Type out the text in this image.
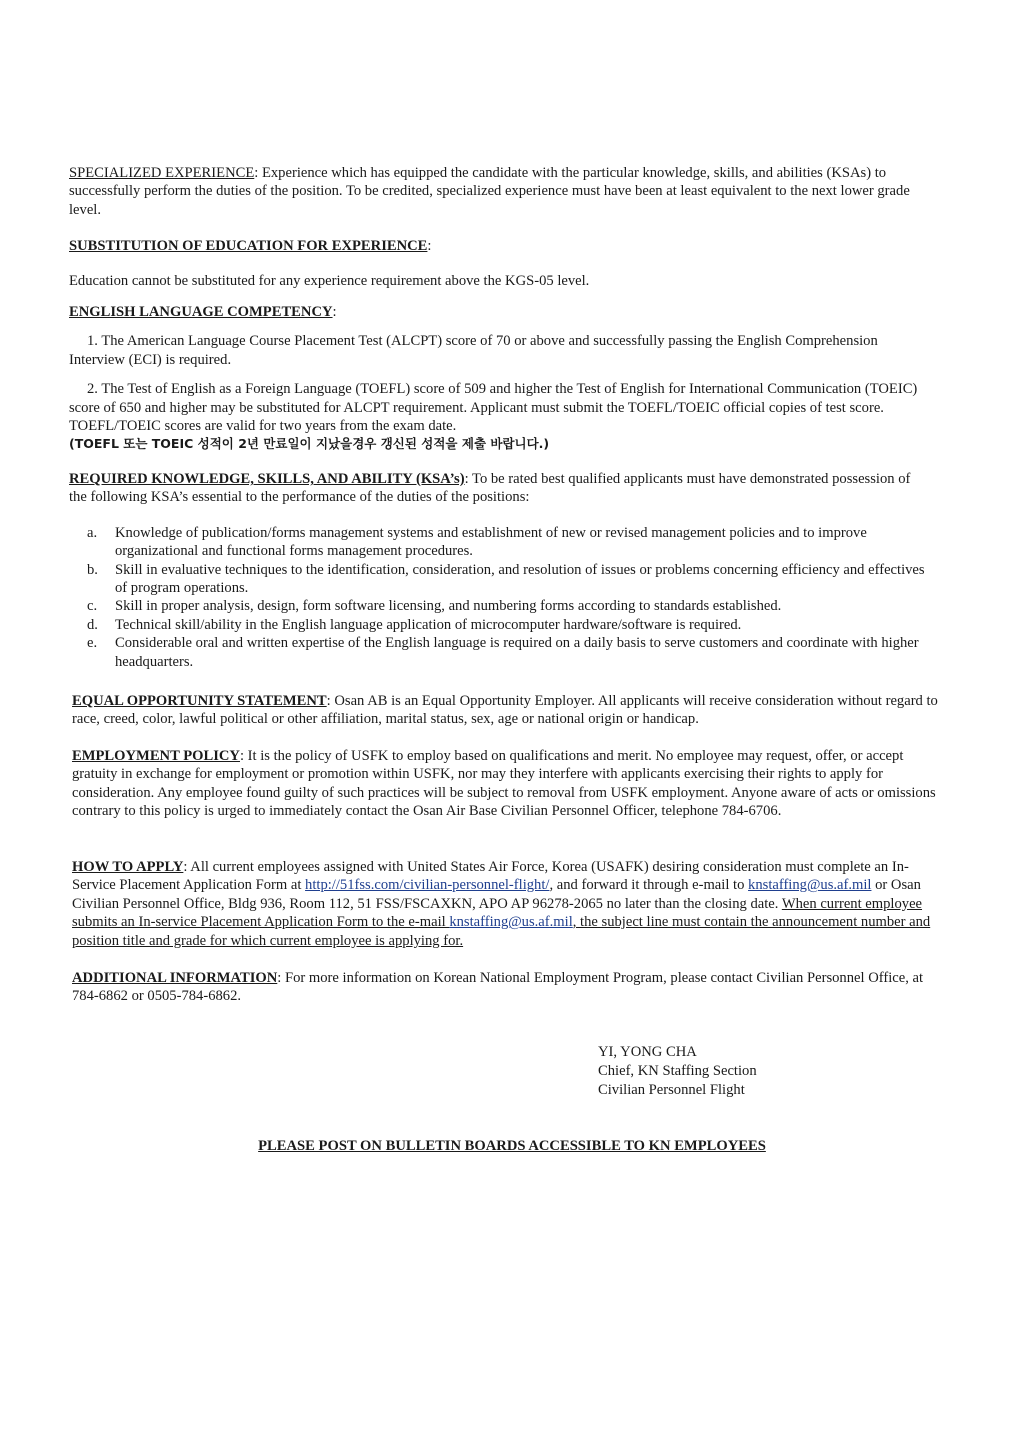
SPECIALIZED EXPERIENCE: Experience which has equipped the candidate with the particular knowledge, skills, and abilities (KSAs) to successfully perform the duties of the position. To be credited, specialized experience must have been at least equivalent to the next lower grade level.

SUBSTITUTION OF EDUCATION FOR EXPERIENCE:

Education cannot be substituted for any experience requirement above the KGS-05 level.

ENGLISH LANGUAGE COMPETENCY:

1. The American Language Course Placement Test (ALCPT) score of 70 or above and successfully passing the English Comprehension Interview (ECI) is required.

2. The Test of English as a Foreign Language (TOEFL) score of 509 and higher the Test of English for International Communication (TOEIC) score of 650 and higher may be substituted for ALCPT requirement. Applicant must submit the TOEFL/TOEIC official copies of test score. TOEFL/TOEIC scores are valid for two years from the exam date.

(TOEFL 또는 TOEIC 성적이 2년 만료일이 지났을경우 갱신된 성적을 제출 바랍니다.)

REQUIRED KNOWLEDGE, SKILLS, AND ABILITY (KSA’s): To be rated best qualified applicants must have demonstrated possession of the following KSA’s essential to the performance of the duties of the positions:

a. Knowledge of publication/forms management systems and establishment of new or revised management policies and to improve organizational and functional forms management procedures.
b. Skill in evaluative techniques to the identification, consideration, and resolution of issues or problems concerning efficiency and effectives of program operations.
c. Skill in proper analysis, design, form software licensing, and numbering forms according to standards established.
d. Technical skill/ability in the English language application of microcomputer hardware/software is required.
e. Considerable oral and written expertise of the English language is required on a daily basis to serve customers and coordinate with higher headquarters.

EQUAL OPPORTUNITY STATEMENT: Osan AB is an Equal Opportunity Employer. All applicants will receive consideration without regard to race, creed, color, lawful political or other affiliation, marital status, sex, age or national origin or handicap.

EMPLOYMENT POLICY: It is the policy of USFK to employ based on qualifications and merit. No employee may request, offer, or accept gratuity in exchange for employment or promotion within USFK, nor may they interfere with applicants exercising their rights to apply for consideration. Any employee found guilty of such practices will be subject to removal from USFK employment. Anyone aware of acts or omissions contrary to this policy is urged to immediately contact the Osan Air Base Civilian Personnel Officer, telephone 784-6706.

HOW TO APPLY: All current employees assigned with United States Air Force, Korea (USAFK) desiring consideration must complete an In-Service Placement Application Form at http://51fss.com/civilian-personnel-flight/, and forward it through e-mail to knstaffing@us.af.mil or Osan Civilian Personnel Office, Bldg 936, Room 112, 51 FSS/FSCAXKN, APO AP 96278-2065 no later than the closing date. When current employee submits an In-service Placement Application Form to the e-mail knstaffing@us.af.mil, the subject line must contain the announcement number and position title and grade for which current employee is applying for.

ADDITIONAL INFORMATION: For more information on Korean National Employment Program, please contact Civilian Personnel Office, at 784-6862 or 0505-784-6862.

YI, YONG CHA
Chief, KN Staffing Section
Civilian Personnel Flight
PLEASE POST ON BULLETIN BOARDS ACCESSIBLE TO KN EMPLOYEES
